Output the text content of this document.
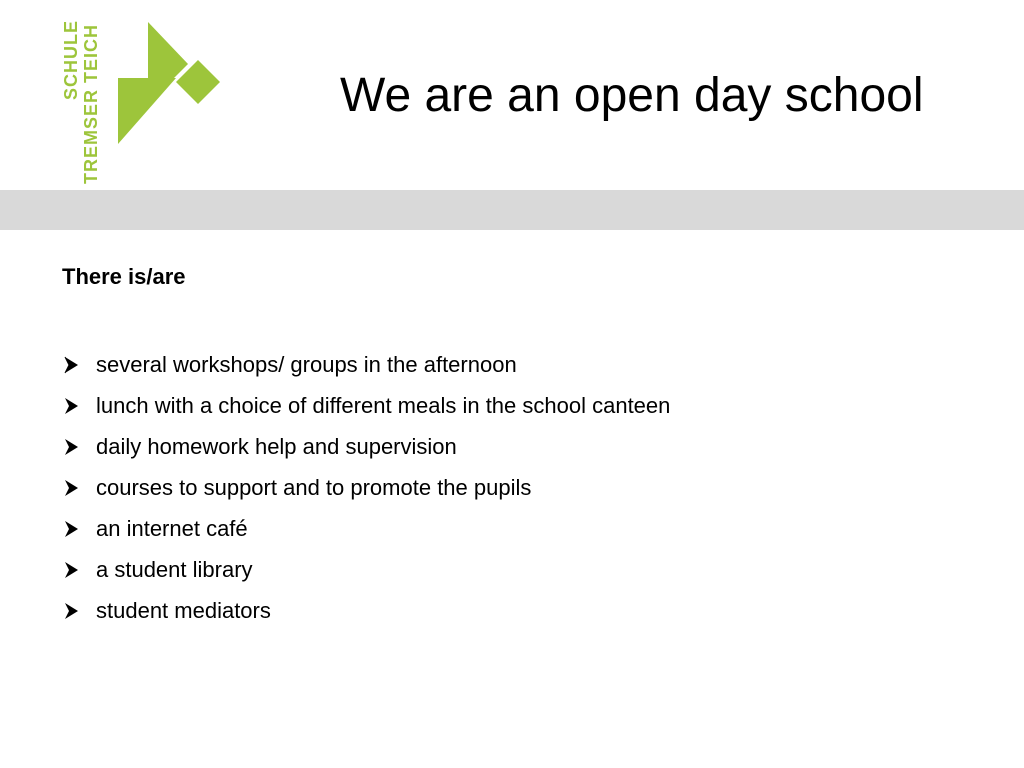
SCHULE TREMSER TEICH	We are an open day school

There is/are

several workshops/ groups in the afternoon
lunch with a choice of different meals in the school canteen
daily homework help and supervision
courses to support and to promote the pupils
an internet café
a student library
student mediators
